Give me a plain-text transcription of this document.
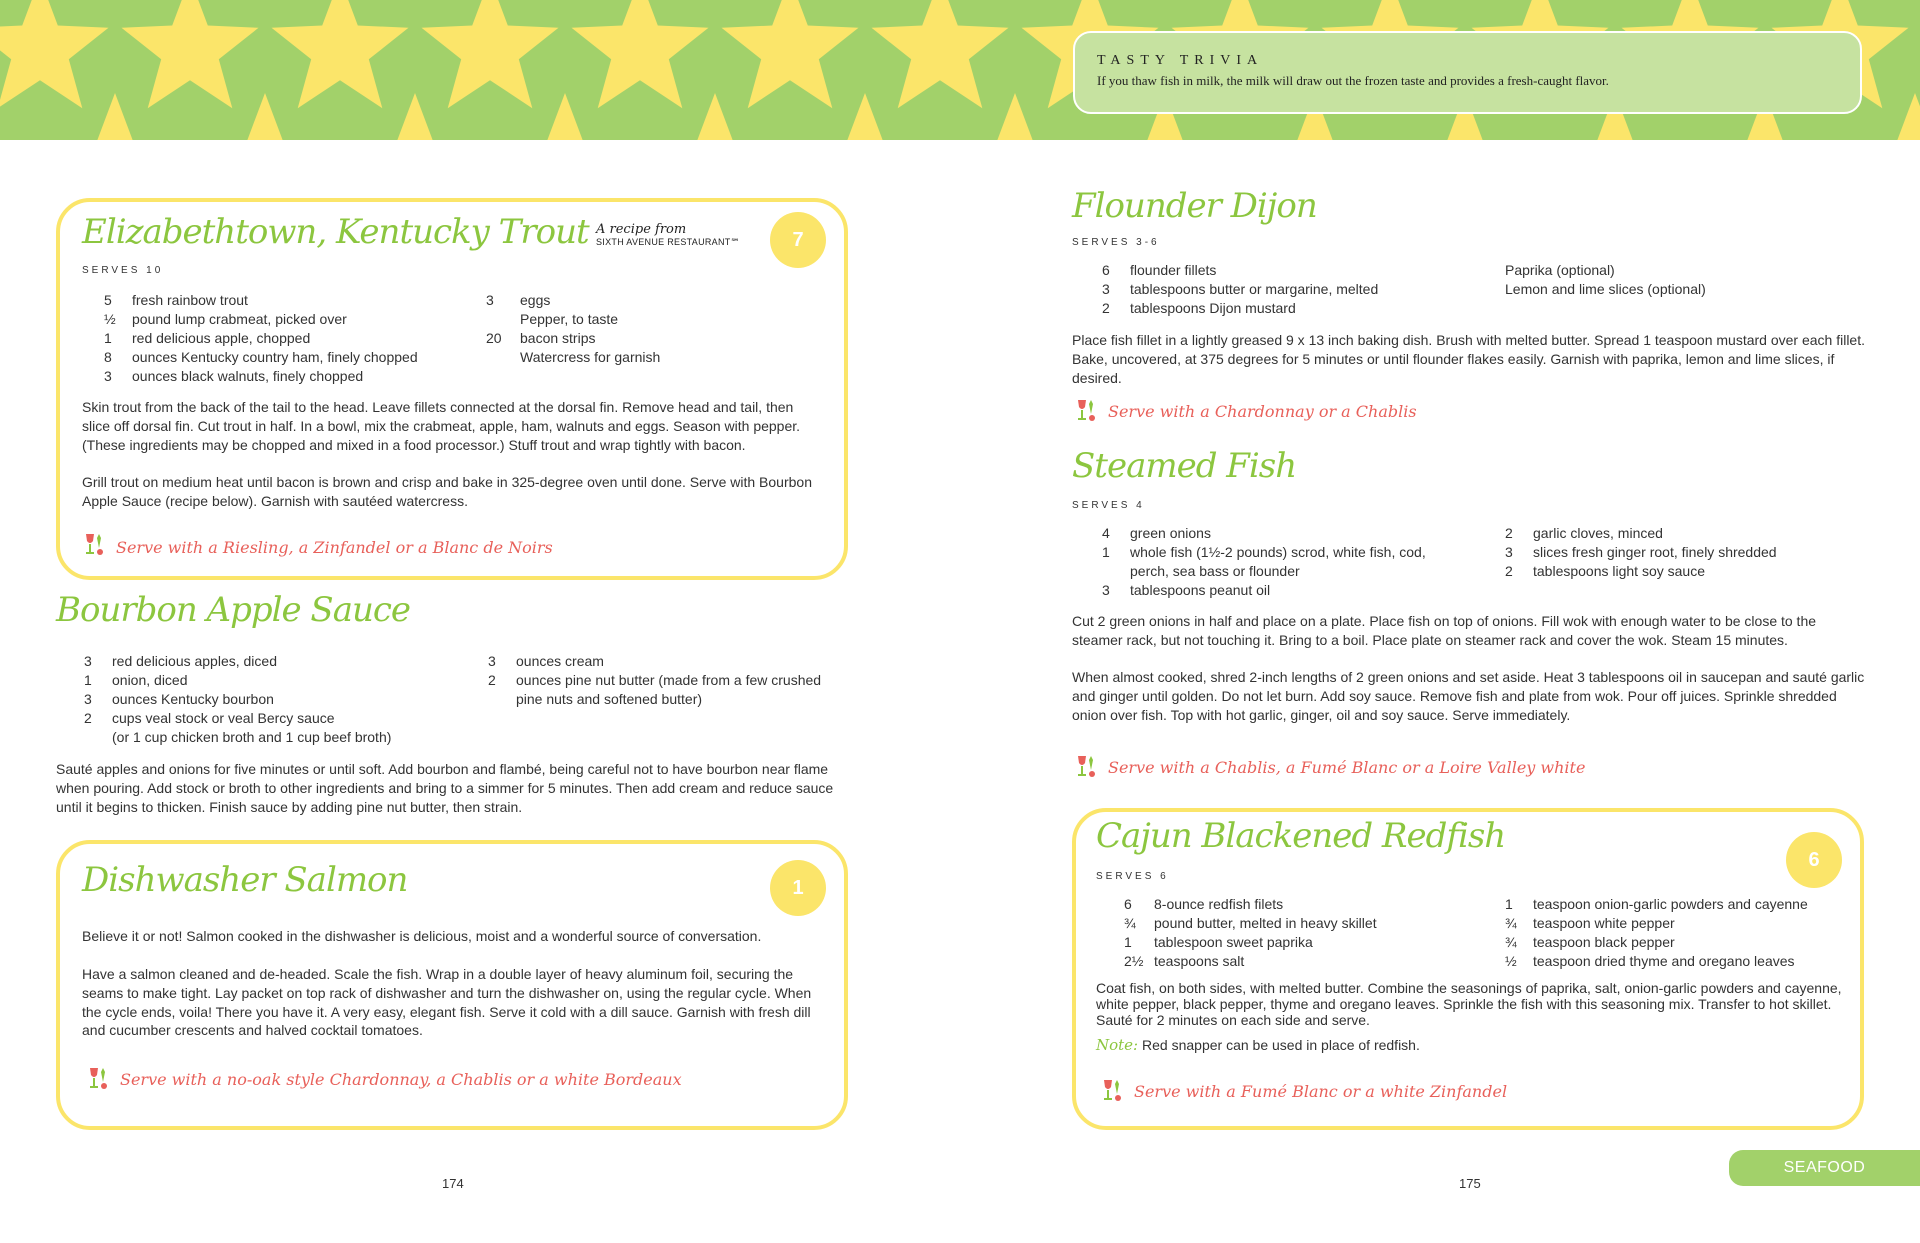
TASTY TRIVIA
If you thaw fish in milk, the milk will draw out the frozen taste and provides a fresh-caught flavor.
Elizabethtown, Kentucky Trout A recipe from
SIXTH AVENUE RESTAURANT℠	7
SERVES 10
5 fresh rainbow trout
½ pound lump crabmeat, picked over
1 red delicious apple, chopped
8 ounces Kentucky country ham, finely chopped
3 ounces black walnuts, finely chopped
3 eggs
Pepper, to taste
20 bacon strips
Watercress for garnish
Skin trout from the back of the tail to the head. Leave fillets connected at the dorsal fin. Remove head and tail, then slice off dorsal fin. Cut trout in half. In a bowl, mix the crabmeat, apple, ham, walnuts and eggs. Season with pepper. (These ingredients may be chopped and mixed in a food processor.) Stuff trout and wrap tightly with bacon.
Grill trout on medium heat until bacon is brown and crisp and bake in 325-degree oven until done. Serve with Bourbon Apple Sauce (recipe below). Garnish with sautéed watercress.
Serve with a Riesling, a Zinfandel or a Blanc de Noirs
Bourbon Apple Sauce
3 red delicious apples, diced
1 onion, diced
3 ounces Kentucky bourbon
2 cups veal stock or veal Bercy sauce
(or 1 cup chicken broth and 1 cup beef broth)
3 ounces cream
2 ounces pine nut butter (made from a few crushed
pine nuts and softened butter)
Sauté apples and onions for five minutes or until soft. Add bourbon and flambé, being careful not to have bourbon near flame when pouring. Add stock or broth to other ingredients and bring to a simmer for 5 minutes. Then add cream and reduce sauce until it begins to thicken. Finish sauce by adding pine nut butter, then strain.
Dishwasher Salmon	1
Believe it or not! Salmon cooked in the dishwasher is delicious, moist and a wonderful source of conversation.
Have a salmon cleaned and de-headed. Scale the fish. Wrap in a double layer of heavy aluminum foil, securing the seams to make tight. Lay packet on top rack of dishwasher and turn the dishwasher on, using the regular cycle. When the cycle ends, voila! There you have it. A very easy, elegant fish. Serve it cold with a dill sauce. Garnish with fresh dill and cucumber crescents and halved cocktail tomatoes.
Serve with a no-oak style Chardonnay, a Chablis or a white Bordeaux
174
Flounder Dijon
SERVES 3-6
6 flounder fillets
3 tablespoons butter or margarine, melted
2 tablespoons Dijon mustard
Paprika (optional)
Lemon and lime slices (optional)
Place fish fillet in a lightly greased 9 x 13 inch baking dish. Brush with melted butter. Spread 1 teaspoon mustard over each fillet. Bake, uncovered, at 375 degrees for 5 minutes or until flounder flakes easily. Garnish with paprika, lemon and lime slices, if desired.
Serve with a Chardonnay or a Chablis
Steamed Fish
SERVES 4
4 green onions
1 whole fish (1½-2 pounds) scrod, white fish, cod,
perch, sea bass or flounder
3 tablespoons peanut oil
2 garlic cloves, minced
3 slices fresh ginger root, finely shredded
2 tablespoons light soy sauce
Cut 2 green onions in half and place on a plate. Place fish on top of onions. Fill wok with enough water to be close to the steamer rack, but not touching it. Bring to a boil. Place plate on steamer rack and cover the wok. Steam 15 minutes.
When almost cooked, shred 2-inch lengths of 2 green onions and set aside. Heat 3 tablespoons oil in saucepan and sauté garlic and ginger until golden. Do not let burn. Add soy sauce. Remove fish and plate from wok. Pour off juices. Sprinkle shredded onion over fish. Top with hot garlic, ginger, oil and soy sauce. Serve immediately.
Serve with a Chablis, a Fumé Blanc or a Loire Valley white
Cajun Blackened Redfish
6
SERVES 6
6 8-ounce redfish filets
¾ pound butter, melted in heavy skillet
1 tablespoon sweet paprika
2½ teaspoons salt
1 teaspoon onion-garlic powders and cayenne
¾ teaspoon white pepper
¾ teaspoon black pepper
½ teaspoon dried thyme and oregano leaves
Coat fish, on both sides, with melted butter. Combine the seasonings of paprika, salt, onion-garlic powders and cayenne, white pepper, black pepper, thyme and oregano leaves. Sprinkle the fish with this seasoning mix. Transfer to hot skillet. Sauté for 2 minutes on each side and serve.
Note: Red snapper can be used in place of redfish.
Serve with a Fumé Blanc or a white Zinfandel
175
SEAFOOD
